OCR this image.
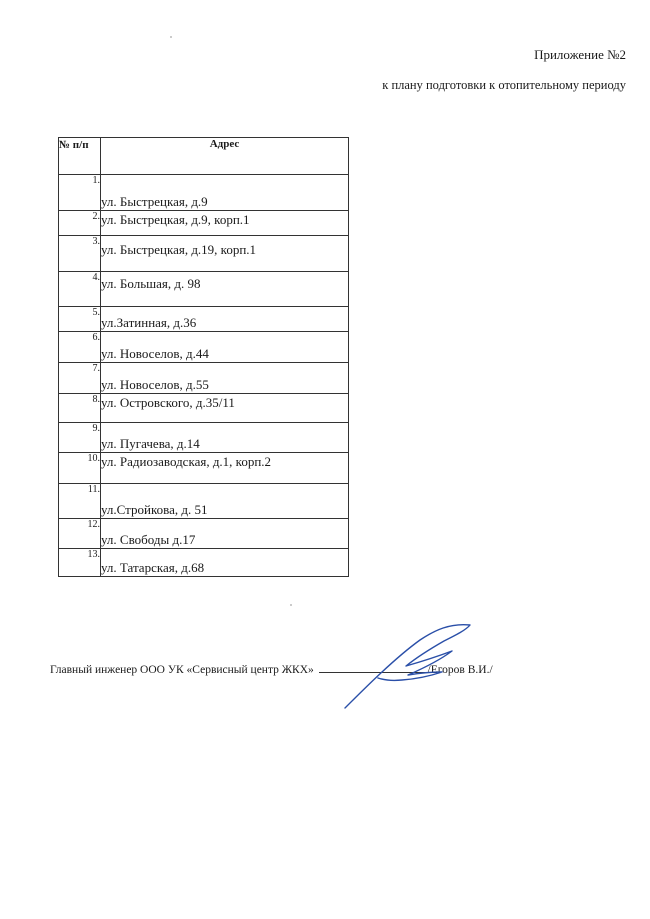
Приложение №2

к плану подготовки к отопительному периоду

№ п/п	Адрес
1.	ул. Быстрецкая, д.9
2.	ул. Быстрецкая, д.9, корп.1
3.	ул. Быстрецкая, д.19, корп.1
4.	ул. Большая, д. 98
5.	ул.Затинная, д.36
6.	ул. Новоселов, д.44
7.	ул. Новоселов, д.55
8.	ул. Островского, д.35/11
9.	ул. Пугачева, д.14
10.	ул. Радиозаводская, д.1, корп.2
11.	ул.Стройкова, д. 51
12.	ул. Свободы д.17
13.	ул. Татарская, д.68
Главный инженер ООО УК «Сервисный центр ЖКХ»	/Егоров В.И./
